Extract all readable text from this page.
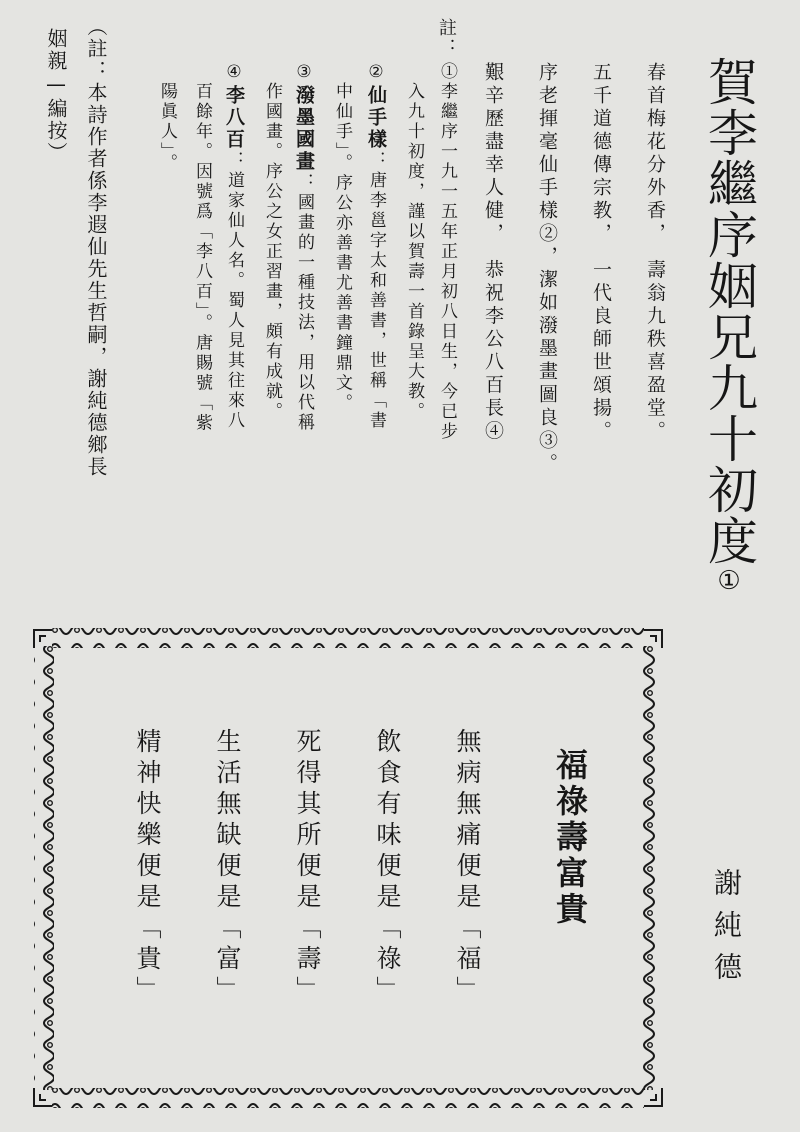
賀李繼序姻兄九十初度①
謝純德
春首梅花分外香，　壽翁九秩喜盈堂。
五千道德傳宗教，　一代良師世頌揚。
序老揮毫仙手樣②，潔如潑墨畫圖良③。
艱辛歷盡幸人健，　恭祝李公八百長④
註：
①李繼序一九一五年正月初八日生，今已步
入九十初度，謹以賀壽一首錄呈大教。
②仙手樣：唐李邕字太和善書，世稱「書
中仙手」。序公亦善書尤善書鐘鼎文。
③潑墨國畫：國畫的一種技法，用以代稱
作國畫。序公之女正習畫，頗有成就。
④李八百：道家仙人名。蜀人見其往來八
百餘年。因號爲「李八百」。唐賜號「紫
陽眞人」。
（註：本詩作者係李遐仙先生哲嗣，謝純德鄉長
姻親—編按）
福祿壽富貴
無病無痛便是「福」
飲食有味便是「祿」
死得其所便是「壽」
生活無缺便是「富」
精神快樂便是「貴」
